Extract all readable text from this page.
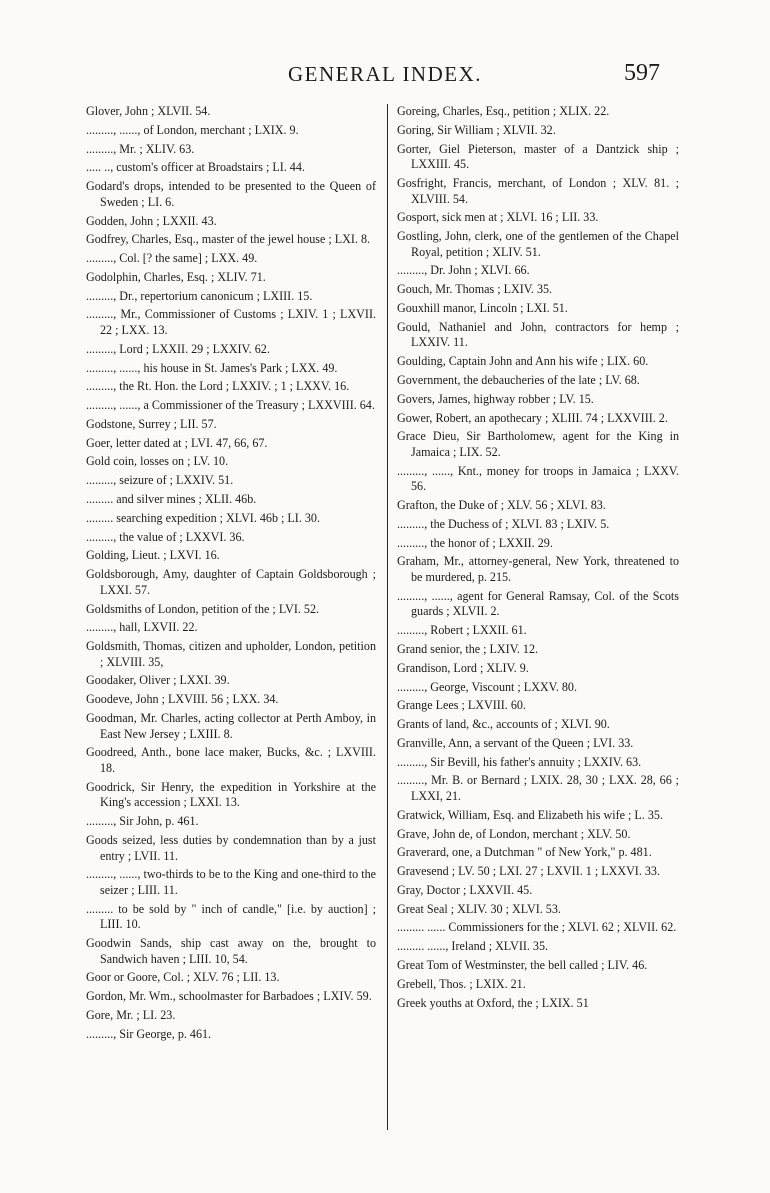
GENERAL INDEX.	597

Glover, John ; XLVII. 54.

........., ......, of London, merchant ; LXIX. 9.

........., Mr. ; XLIV. 63.

..... .., custom's officer at Broadstairs ; LI. 44.

Godard's drops, intended to be presented to the Queen of Sweden ; LI. 6.

Godden, John ; LXXII. 43.

Godfrey, Charles, Esq., master of the jewel house ; LXI. 8.

........., Col. [? the same] ; LXX. 49.

Godolphin, Charles, Esq. ; XLIV. 71.

........., Dr., repertorium canonicum ; LXIII. 15.

........., Mr., Commissioner of Customs ; LXIV. 1 ; LXVII. 22 ; LXX. 13.

........., Lord ; LXXII. 29 ; LXXIV. 62.

........., ......, his house in St. James's Park ; LXX. 49.

........., the Rt. Hon. the Lord ; LXXIV. ; 1 ; LXXV. 16.

........., ......, a Commissioner of the Treasury ; LXXVIII. 64.

Godstone, Surrey ; LII. 57.

Goer, letter dated at ; LVI. 47, 66, 67.

Gold coin, losses on ; LV. 10.

........., seizure of ; LXXIV. 51.

......... and silver mines ; XLII. 46b.

......... searching expedition ; XLVI. 46b ; LI. 30.

........., the value of ; LXXVI. 36.

Golding, Lieut. ; LXVI. 16.

Goldsborough, Amy, daughter of Captain Goldsborough ; LXXI. 57.

Goldsmiths of London, petition of the ; LVI. 52.

........., hall, LXVII. 22.

Goldsmith, Thomas, citizen and upholder, London, petition ; XLVIII. 35,

Goodaker, Oliver ; LXXI. 39.

Goodeve, John ; LXVIII. 56 ; LXX. 34.

Goodman, Mr. Charles, acting collector at Perth Amboy, in East New Jersey ; LXIII. 8.

Goodreed, Anth., bone lace maker, Bucks, &c. ; LXVIII. 18.

Goodrick, Sir Henry, the expedition in Yorkshire at the King's accession ; LXXI. 13.

........., Sir John, p. 461.

Goods seized, less duties by condemnation than by a just entry ; LVII. 11.

........., ......, two-thirds to be to the King and one-third to the seizer ; LIII. 11.

......... to be sold by " inch of candle," [i.e. by auction] ; LIII. 10.

Goodwin Sands, ship cast away on the, brought to Sandwich haven ; LIII. 10, 54.

Goor or Goore, Col. ; XLV. 76 ; LII. 13.

Gordon, Mr. Wm., schoolmaster for Barbadoes ; LXIV. 59.

Gore, Mr. ; LI. 23.

........., Sir George, p. 461.

Goreing, Charles, Esq., petition ; XLIX. 22.

Goring, Sir William ; XLVII. 32.

Gorter, Giel Pieterson, master of a Dantzick ship ; LXXIII. 45.

Gosfright, Francis, merchant, of London ; XLV. 81. ; XLVIII. 54.

Gosport, sick men at ; XLVI. 16 ; LII. 33.

Gostling, John, clerk, one of the gentlemen of the Chapel Royal, petition ; XLIV. 51.

........., Dr. John ; XLVI. 66.

Gouch, Mr. Thomas ; LXIV. 35.

Gouxhill manor, Lincoln ; LXI. 51.

Gould, Nathaniel and John, contractors for hemp ; LXXIV. 11.

Goulding, Captain John and Ann his wife ; LIX. 60.

Government, the debaucheries of the late ; LV. 68.

Govers, James, highway robber ; LV. 15.

Gower, Robert, an apothecary ; XLIII. 74 ; LXXVIII. 2.

Grace Dieu, Sir Bartholomew, agent for the King in Jamaica ; LIX. 52.

........., ......, Knt., money for troops in Jamaica ; LXXV. 56.

Grafton, the Duke of ; XLV. 56 ; XLVI. 83.

........., the Duchess of ; XLVI. 83 ; LXIV. 5.

........., the honor of ; LXXII. 29.

Graham, Mr., attorney-general, New York, threatened to be murdered, p. 215.

........., ......, agent for General Ramsay, Col. of the Scots guards ; XLVII. 2.

........., Robert ; LXXII. 61.

Grand senior, the ; LXIV. 12.

Grandison, Lord ; XLIV. 9.

........., George, Viscount ; LXXV. 80.

Grange Lees ; LXVIII. 60.

Grants of land, &c., accounts of ; XLVI. 90.

Granville, Ann, a servant of the Queen ; LVI. 33.

........., Sir Bevill, his father's annuity ; LXXIV. 63.

........., Mr. B. or Bernard ; LXIX. 28, 30 ; LXX. 28, 66 ; LXXI, 21.

Gratwick, William, Esq. and Elizabeth his wife ; L. 35.

Grave, John de, of London, merchant ; XLV. 50.

Graverard, one, a Dutchman " of New York," p. 481.

Gravesend ; LV. 50 ; LXI. 27 ; LXVII. 1 ; LXXVI. 33.

Gray, Doctor ; LXXVII. 45.

Great Seal ; XLIV. 30 ; XLVI. 53.

......... ...... Commissioners for the ; XLVI. 62 ; XLVII. 62.

......... ......, Ireland ; XLVII. 35.

Great Tom of Westminster, the bell called ; LIV. 46.

Grebell, Thos. ; LXIX. 21.

Greek youths at Oxford, the ; LXIX. 51
